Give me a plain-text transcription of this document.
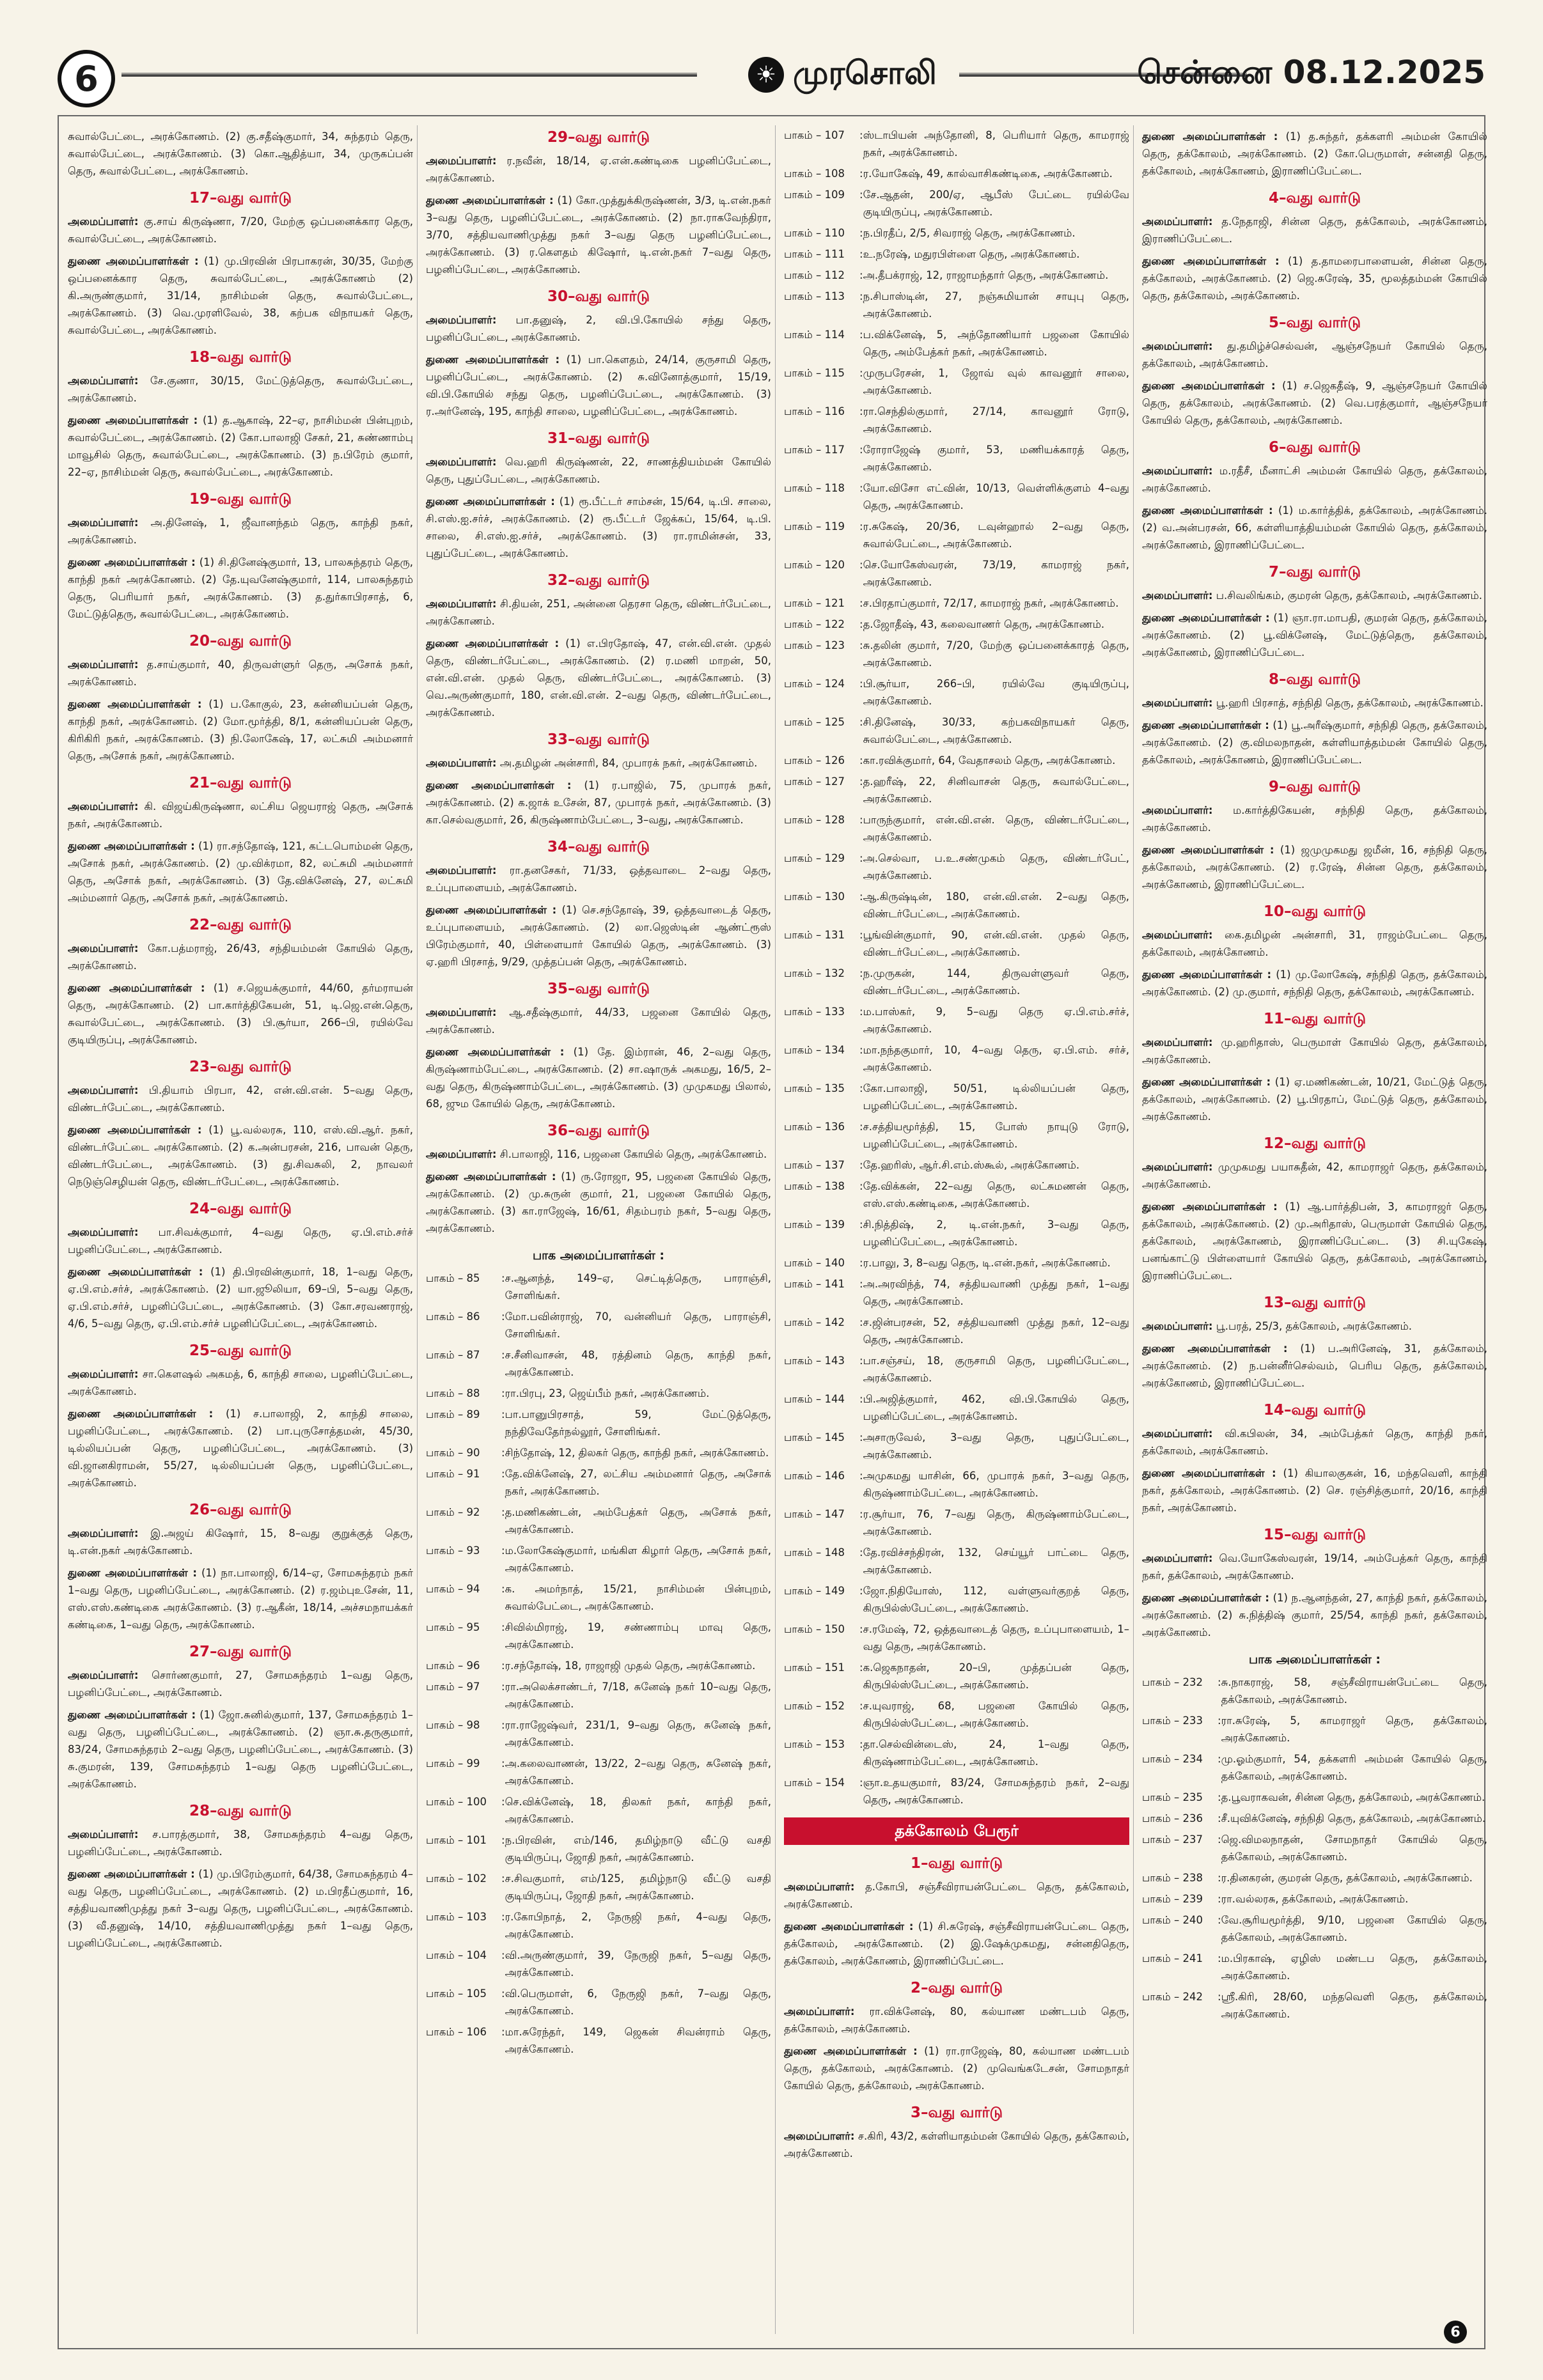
6	☀ முரசொலி	சென்னை 08.12.2025
சுவால்பேட்டை, அரக்கோணம். (2) கு.சதீஷ்குமார், 34, சுந்தரம் தெரு, சுவால்பேட்டை, அரக்கோணம். (3) கொ.ஆதித்யா, 34, முருகப்பன் தெரு, சுவால்பேட்டை, அரக்கோணம்.
17–வது வார்டு
அமைப்பாளர்: கு.சாய் கிருஷ்ணா, 7/20, மேற்கு ஒப்பனைக்கார தெரு, சுவால்பேட்டை, அரக்கோணம்.
துணை அமைப்பாளர்கள் : (1) மு.பிரவின் பிரபாகரன், 30/35, மேற்கு ஒப்பனைக்கார தெரு, சுவால்பேட்டை, அரக்கோணம் (2) கி.அருண்குமார், 31/14, நாசிம்மன் தெரு, சுவால்பேட்டை, அரக்கோணம். (3) வெ.முரளிவேல், 38, கற்பக விநாயகர் தெரு, சுவால்பேட்டை, அரக்கோணம்.
18–வது வார்டு
அமைப்பாளர்: சே.குணா, 30/15, மேட்டுத்தெரு, சுவால்பேட்டை, அரக்கோணம்.
துணை அமைப்பாளர்கள் : (1) த.ஆகாஷ், 22–ஏ, நாசிம்மன் பின்புறம், சுவால்பேட்டை, அரக்கோணம். (2) கோ.பாலாஜி சேகர், 21, சுண்ணாம்பு மாவூசில் தெரு, சுவால்பேட்டை, அரக்கோணம். (3) ந.பிரேம் குமார், 22–ஏ, நாசிம்மன் தெரு, சுவால்பேட்டை, அரக்கோணம்.
19–வது வார்டு
அமைப்பாளர்: அ.தினேஷ், 1, ஜீவானந்தம் தெரு, காந்தி நகர், அரக்கோணம்.
துணை அமைப்பாளர்கள் : (1) சி.தினேஷ்குமார், 13, பாலசுந்தரம் தெரு, காந்தி நகர் அரக்கோணம். (2) தே.யுவனேஷ்குமார், 114, பாலசுந்தரம் தெரு, பெரியார் நகர், அரக்கோணம். (3) த.துர்காபிரசாத், 6, மேட்டுத்தெரு, சுவால்பேட்டை, அரக்கோணம்.
20–வது வார்டு
அமைப்பாளர்: த.சாய்குமார், 40, திருவள்ளுர் தெரு, அசோக் நகர், அரக்கோணம்.
துணை அமைப்பாளர்கள் : (1) ப.கோகுல், 23, கன்னியப்பன் தெரு, காந்தி நகர், அரக்கோணம். (2) மோ.மூர்த்தி, 8/1, கன்னியப்பன் தெரு, கிரிகிரி நகர், அரக்கோணம். (3) நி.லோகேஷ், 17, லட்சுமி அம்மனார் தெரு, அசோக் நகர், அரக்கோணம்.
21–வது வார்டு
அமைப்பாளர்: கி. விஜய்கிருஷ்ணா, லட்சிய ஜெயராஜ் தெரு, அசோக் நகர், அரக்கோணம்.
துணை அமைப்பாளர்கள் : (1) ரா.சந்தோஷ், 121, கட்டபொம்மன் தெரு, அசோக் நகர், அரக்கோணம். (2) மு.விக்ரமா, 82, லட்சுமி அம்மனார் தெரு, அசோக் நகர், அரக்கோணம். (3) தே.விக்னேஷ், 27, லட்சுமி அம்மனார் தெரு, அசோக் நகர், அரக்கோணம்.
22–வது வார்டு
அமைப்பாளர்: கோ.பத்மராஜ், 26/43, சந்தியம்மன் கோயில் தெரு, அரக்கோணம்.
துணை அமைப்பாளர்கள் : (1) ச.ஜெயக்குமார், 44/60, தர்மராயன் தெரு, அரக்கோணம். (2) பா.கார்த்திகேயன், 51, டி.ஜெ.என்.தெரு, சுவால்பேட்டை, அரக்கோணம். (3) பி.சூர்யா, 266–பி, ரயில்வே குடியிருப்பு, அரக்கோணம்.
23–வது வார்டு
அமைப்பாளர்: பி.தியாம் பிரபா, 42, என்.வி.என். 5–வது தெரு, விண்டர்பேட்டை, அரக்கோணம்.
துணை அமைப்பாளர்கள் : (1) பூ.வல்லரசு, 110, எஸ்.வி.ஆர். நகர், விண்டர்பேட்டை அரக்கோணம். (2) க.அன்பரசன், 216, பாவன் தெரு, விண்டர்பேட்டை, அரக்கோணம். (3) து.சிவசுலி, 2, நாவலர் நெடுஞ்செழியன் தெரு, விண்டர்பேட்டை, அரக்கோணம்.
24–வது வார்டு
அமைப்பாளர்: பா.சிவக்குமார், 4–வது தெரு, ஏ.பி.எம்.சர்ச் பழனிப்பேட்டை, அரக்கோணம்.
துணை அமைப்பாளர்கள் : (1) தி.பிரவின்குமார், 18, 1–வது தெரு, ஏ.பி.எம்.சர்ச், அரக்கோணம். (2) யா.ஜூலியா, 69–பி, 5–வது தெரு, ஏ.பி.எம்.சர்ச், பழனிப்பேட்டை, அரக்கோணம். (3) கோ.சரவணராஜ், 4/6, 5–வது தெரு, ஏ.பி.எம்.சர்ச் பழனிப்பேட்டை, அரக்கோணம்.
25–வது வார்டு
அமைப்பாளர்: சா.கௌஷல் அகமத், 6, காந்தி சாலை, பழனிப்பேட்டை, அரக்கோணம்.
துணை அமைப்பாளர்கள் : (1) ச.பாலாஜி, 2, காந்தி சாலை, பழனிப்பேட்டை, அரக்கோணம். (2) பா.புருசோத்தமன், 45/30, டில்லியப்பன் தெரு, பழனிப்பேட்டை, அரக்கோணம். (3) வி.ஜானகிராமன், 55/27, டில்லியப்பன் தெரு, பழனிப்பேட்டை, அரக்கோணம்.
26–வது வார்டு
அமைப்பாளர்: இ.அஜய் கிஷோர், 15, 8–வது குறுக்குத் தெரு, டி.என்.நகர் அரக்கோணம்.
துணை அமைப்பாளர்கள் : (1) நா.பாலாஜி, 6/14–ஏ, சோமசுந்தரம் நகர் 1–வது தெரு, பழனிப்பேட்டை, அரக்கோணம். (2) ர.ஜம்புஉசேன், 11, எஸ்.எஸ்.கண்டிகை அரக்கோணம். (3) ர.ஆகீன், 18/14, அச்சமநாயக்கர் கண்டிகை, 1–வது தெரு, அரக்கோணம்.
27–வது வார்டு
அமைப்பாளர்: சொர்ணகுமார், 27, சோமசுந்தரம் 1–வது தெரு, பழனிப்பேட்டை, அரக்கோணம்.
துணை அமைப்பாளர்கள் : (1) ஜோ.சுனில்குமார், 137, சோமசுந்தரம் 1–வது தெரு, பழனிப்பேட்டை, அரக்கோணம். (2) ஞா.சு.தருகுமார், 83/24, சோமசுந்தரம் 2–வது தெரு, பழனிப்பேட்டை, அரக்கோணம். (3) சு.குமரன், 139, சோமசுந்தரம் 1–வது தெரு பழனிப்பேட்டை, அரக்கோணம்.
28–வது வார்டு
அமைப்பாளர்: ச.பாரத்குமார், 38, சோமசுந்தரம் 4–வது தெரு, பழனிப்பேட்டை, அரக்கோணம்.
துணை அமைப்பாளர்கள் : (1) மு.பிரேம்குமார், 64/38, சோமசுந்தரம் 4–வது தெரு, பழனிப்பேட்டை, அரக்கோணம். (2) ம.பிரதீப்குமார், 16, சத்தியவாணிமுத்து நகர் 3–வது தெரு, பழனிப்பேட்டை, அரக்கோணம். (3) வீ.தனுஷ், 14/10, சத்தியவாணிமுத்து நகர் 1–வது தெரு, பழனிப்பேட்டை, அரக்கோணம்.
29–வது வார்டு
அமைப்பாளர்: ர.நவீன், 18/14, ஏ.என்.கண்டிகை பழனிப்பேட்டை, அரக்கோணம்.
துணை அமைப்பாளர்கள் : (1) கோ.முத்துக்கிருஷ்ணன், 3/3, டி.என்.நகர் 3–வது தெரு, பழனிப்பேட்டை, அரக்கோணம். (2) நா.ராகவேந்திரா, 3/70, சத்தியவாணிமுத்து நகர் 3–வது தெரு பழனிப்பேட்டை, அரக்கோணம். (3) ர.கௌதம் கிஷோர், டி.என்.நகர் 7–வது தெரு, பழனிப்பேட்டை, அரக்கோணம்.
30–வது வார்டு
அமைப்பாளர்: பா.தனுஷ், 2, வி.பி.கோயில் சந்து தெரு, பழனிப்பேட்டை, அரக்கோணம்.
துணை அமைப்பாளர்கள் : (1) பா.கௌதம், 24/14, குருசாமி தெரு, பழனிப்பேட்டை, அரக்கோணம். (2) சு.வினோத்குமார், 15/19, வி.பி.கோயில் சந்து தெரு, பழனிப்பேட்டை, அரக்கோணம். (3) ர.அர்னேஷ், 195, காந்தி சாலை, பழனிப்பேட்டை, அரக்கோணம்.
31–வது வார்டு
அமைப்பாளர்: வெ.ஹரி கிருஷ்ணன், 22, சாணத்தியம்மன் கோயில் தெரு, புதுப்பேட்டை, அரக்கோணம்.
துணை அமைப்பாளர்கள் : (1) ரூ.பீட்டர் சாம்சன், 15/64, டி.பி. சாலை, சி.எஸ்.ஐ.சர்ச், அரக்கோணம். (2) ரூ.பீட்டர் ஜேக்கப், 15/64, டி.பி. சாலை, சி.எஸ்.ஐ.சர்ச், அரக்கோணம். (3) ரா.ராமின்சன், 33, புதுப்பேட்டை, அரக்கோணம்.
32–வது வார்டு
அமைப்பாளர்: சி.தியன், 251, அன்னை தெரசா தெரு, விண்டர்பேட்டை, அரக்கோணம்.
துணை அமைப்பாளர்கள் : (1) எ.பிரதோஷ், 47, என்.வி.என். முதல் தெரு, விண்டர்பேட்டை, அரக்கோணம். (2) ர.மணி மாறன், 50, என்.வி.என். முதல் தெரு, விண்டர்பேட்டை, அரக்கோணம். (3) வெ.அருண்குமார், 180, என்.வி.என். 2–வது தெரு, விண்டர்பேட்டை, அரக்கோணம்.
33–வது வார்டு
அமைப்பாளர்: அ.தமிழன் அன்சாரி, 84, முபாரக் நகர், அரக்கோணம்.
துணை அமைப்பாளர்கள் : (1) ர.பாஜில், 75, முபாரக் நகர், அரக்கோணம். (2) க.ஜாக் உசேன், 87, முபாரக் நகர், அரக்கோணம். (3) கா.செல்வகுமார், 26, கிருஷ்ணாம்பேட்டை, 3–வது, அரக்கோணம்.
34–வது வார்டு
அமைப்பாளர்: ரா.தனசேகர், 71/33, ஒத்தவாடை 2–வது தெரு, உப்புபாளையம், அரக்கோணம்.
துணை அமைப்பாளர்கள் : (1) செ.சந்தோஷ், 39, ஒத்தவாடைத் தெரு, உப்புபாளையம், அரக்கோணம். (2) லா.ஜெஸ்டின் ஆண்ட்ரூஸ் பிரேம்குமார், 40, பிள்ளையார் கோயில் தெரு, அரக்கோணம். (3) ஏ.ஹரி பிரசாத், 9/29, முத்தப்பன் தெரு, அரக்கோணம்.
35–வது வார்டு
அமைப்பாளர்: ஆ.சதீஷ்குமார், 44/33, பஜனை கோயில் தெரு, அரக்கோணம்.
துணை அமைப்பாளர்கள் : (1) தே. இம்ரான், 46, 2–வது தெரு, கிருஷ்ணாம்பேட்டை, அரக்கோணம். (2) சா.ஷாருக் அகமது, 16/5, 2–வது தெரு, கிருஷ்ணாம்பேட்டை, அரக்கோணம். (3) முமுகமது பிலால், 68, ஜும கோயில் தெரு, அரக்கோணம்.
36–வது வார்டு
அமைப்பாளர்: சி.பாலாஜி, 116, பஜனை கோயில் தெரு, அரக்கோணம்.
துணை அமைப்பாளர்கள் : (1) ரு.ரோஜா, 95, பஜனை கோயில் தெரு, அரக்கோணம். (2) மு.சுருன் குமார், 21, பஜனை கோயில் தெரு, அரக்கோணம். (3) கா.ராஜேஷ், 16/61, சிதம்பரம் நகர், 5–வது தெரு, அரக்கோணம்.
பாக அமைப்பாளர்கள் :
பாகம் – 85	: ச.ஆனந்த், 149–ஏ, செட்டித்தெரு, பாராஞ்சி, சோளிங்கர்.
பாகம் – 86	: மோ.பவின்ராஜ், 70, வன்னியர் தெரு, பாராஞ்சி, சோளிங்கர்.
பாகம் – 87	: ச.சீனிவாசன், 48, ரத்தினம் தெரு, காந்தி நகர், அரக்கோணம்.
பாகம் – 88	: ரா.பிரபு, 23, ஜெய்பீம் நகர், அரக்கோணம்.
பாகம் – 89	: பா.பானுபிரசாத், 59, மேட்டுத்தெரு, நந்திவேதேர்நல்லூர், சோளிங்கர்.
பாகம் – 90	: சிந்தோஷ், 12, திலகர் தெரு, காந்தி நகர், அரக்கோணம்.
பாகம் – 91	: தே.விக்னேஷ், 27, லட்சிய அம்மனார் தெரு, அசோக் நகர், அரக்கோணம்.
பாகம் – 92	: த.மணிகண்டன், அம்பேத்கர் தெரு, அசோக் நகர், அரக்கோணம்.
பாகம் – 93	: ம.லோகேஷ்குமார், மங்கிள கிழார் தெரு, அசோக் நகர், அரக்கோணம்.
பாகம் – 94	: க. அமர்நாத், 15/21, நாசிம்மன் பின்புறம், சுவால்பேட்டை, அரக்கோணம்.
பாகம் – 95	: சிவில்மிராஜ், 19, சண்ணாம்பு மாவு தெரு, அரக்கோணம்.
பாகம் – 96	: ர.சந்தோஷ், 18, ராஜாஜி முதல் தெரு, அரக்கோணம்.
பாகம் – 97	: ரா.அலெக்சாண்டர், 7/18, சுனேஷ் நகர் 10–வது தெரு, அரக்கோணம்.
பாகம் – 98	: ரா.ராஜேஷ்வர், 231/1, 9–வது தெரு, சுனேஷ் நகர், அரக்கோணம்.
பாகம் – 99	: அ.கலைவாணன், 13/22, 2–வது தெரு, சுனேஷ் நகர், அரக்கோணம்.
பாகம் – 100	: செ.விக்னேஷ், 18, திலகர் நகர், காந்தி நகர், அரக்கோணம்.
பாகம் – 101	: ந.பிரவின், எம்/146, தமிழ்நாடு வீட்டு வசதி குடியிருப்பு, ஜோதி நகர், அரக்கோணம்.
பாகம் – 102	: ச.சிவகுமார், எம்/125, தமிழ்நாடு வீட்டு வசதி குடியிருப்பு, ஜோதி நகர், அரக்கோணம்.
பாகம் – 103	: ர.கோபிநாத், 2, நேருஜி நகர், 4–வது தெரு, அரக்கோணம்.
பாகம் – 104	: வி.அருண்குமார், 39, நேருஜி நகர், 5–வது தெரு, அரக்கோணம்.
பாகம் – 105	: வி.பெருமாள், 6, நேருஜி நகர், 7–வது தெரு, அரக்கோணம்.
பாகம் – 106	: மா.சுரேந்தர், 149, ஜெகன் சிவன்ராம் தெரு, அரக்கோணம்.
பாகம் – 107	: ஸ்டாபியன் அந்தோனி, 8, பெரியார் தெரு, காமராஜ் நகர், அரக்கோணம்.
பாகம் – 108	: ர.யோகேஷ், 49, கால்வாசிகண்டிகை, அரக்கோணம்.
பாகம் – 109	: சே.ஆதன், 200/ஏ, ஆபீஸ் பேட்டை ரயில்வே குடியிருப்பு, அரக்கோணம்.
பாகம் – 110	: ந.பிரதீப், 2/5, சிவராஜ் தெரு, அரக்கோணம்.
பாகம் – 111	: உ.நரேஷ், மதுரபிள்ளை தெரு, அரக்கோணம்.
பாகம் – 112	: அ.தீபக்ராஜ், 12, ராஜாமந்தார் தெரு, அரக்கோணம்.
பாகம் – 113	: ந.சிபாஸ்டின், 27, நஞ்சுமியான் சாயுபு தெரு, அரக்கோணம்.
பாகம் – 114	: ப.விக்னேஷ், 5, அந்தோணியார் பஜனை கோயில் தெரு, அம்பேத்கர் நகர், அரக்கோணம்.
பாகம் – 115	: முருபரேசன், 1, ஜோவ் வுல் காவனூர் சாலை, அரக்கோணம்.
பாகம் – 116	: ரா.செந்தில்குமார், 27/14, காவனூர் ரோடு, அரக்கோணம்.
பாகம் – 117	: ரோராஜேஷ் குமார், 53, மணியக்காரத் தெரு, அரக்கோணம்.
பாகம் – 118	: யோ.விசோ எட்வின், 10/13, வெள்ளிக்குளம் 4–வது தெரு, அரக்கோணம்.
பாகம் – 119	: ர.சுகேஷ், 20/36, டவுன்ஹால் 2–வது தெரு, சுவால்பேட்டை, அரக்கோணம்.
பாகம் – 120	: செ.யோகேஸ்வரன், 73/19, காமராஜ் நகர், அரக்கோணம்.
பாகம் – 121	: ச.பிரதாப்குமார், 72/17, காமராஜ் நகர், அரக்கோணம்.
பாகம் – 122	: த.ஜோதீஷ், 43, கலைவாணர் தெரு, அரக்கோணம்.
பாகம் – 123	: சு.தலின் குமார், 7/20, மேற்கு ஒப்பனைக்காரத் தெரு, அரக்கோணம்.
பாகம் – 124	: பி.சூர்யா, 266–பி, ரயில்வே குடியிருப்பு, அரக்கோணம்.
பாகம் – 125	: சி.தினேஷ், 30/33, கற்பகவிநாயகர் தெரு, சுவால்பேட்டை, அரக்கோணம்.
பாகம் – 126	: கா.ரவிக்குமார், 64, வேதாசலம் தெரு, அரக்கோணம்.
பாகம் – 127	: த.ஹரீஷ், 22, சினிவாசன் தெரு, சுவால்பேட்டை, அரக்கோணம்.
பாகம் – 128	: பாருந்குமார், என்.வி.என். தெரு, விண்டர்பேட்டை, அரக்கோணம்.
பாகம் – 129	: அ.செல்வா, ப.உ.சண்முகம் தெரு, விண்டர்பேட், அரக்கோணம்.
பாகம் – 130	: ஆ.கிருஷ்டின், 180, என்.வி.என். 2–வது தெரு, விண்டர்பேட்டை, அரக்கோணம்.
பாகம் – 131	: பூங்வின்குமார், 90, என்.வி.என். முதல் தெரு, விண்டர்பேட்டை, அரக்கோணம்.
பாகம் – 132	: ந.முருகன், 144, திருவள்ளுவர் தெரு, விண்டர்பேட்டை, அரக்கோணம்.
பாகம் – 133	: ம.பாஸ்கர், 9, 5–வது தெரு ஏ.பி.எம்.சர்ச், அரக்கோணம்.
பாகம் – 134	: மா.நந்தகுமார், 10, 4–வது தெரு, ஏ.பி.எம். சர்ச், அரக்கோணம்.
பாகம் – 135	: கோ.பாலாஜி, 50/51, டில்லியப்பன் தெரு, பழனிப்பேட்டை, அரக்கோணம்.
பாகம் – 136	: ச.சத்தியமூர்த்தி, 15, போஸ் நாயுடு ரோடு, பழனிப்பேட்டை, அரக்கோணம்.
பாகம் – 137	: தே.ஹரிஸ், ஆர்.சி.எம்.ஸ்கூல், அரக்கோணம்.
பாகம் – 138	: தே.விக்கன், 22–வது தெரு, லட்சுமணன் தெரு, எஸ்.எஸ்.கண்டிகை, அரக்கோணம்.
பாகம் – 139	: சி.நித்திஷ், 2, டி.என்.நகர், 3–வது தெரு, பழனிப்பேட்டை, அரக்கோணம்.
பாகம் – 140	: ர.பாலு, 3, 8–வது தெரு, டி.என்.நகர், அரக்கோணம்.
பாகம் – 141	: அ.அரவிந்த், 74, சத்தியவாணி முத்து நகர், 1–வது தெரு, அரக்கோணம்.
பாகம் – 142	: ச.ஜின்பரசன், 52, சத்தியவாணி முத்து நகர், 12–வது தெரு, அரக்கோணம்.
பாகம் – 143	: பா.சஞ்சய், 18, குருசாமி தெரு, பழனிப்பேட்டை, அரக்கோணம்.
பாகம் – 144	: பி.அஜித்குமார், 462, வி.பி.கோயில் தெரு, பழனிப்பேட்டை, அரக்கோணம்.
பாகம் – 145	: அசாருவேல், 3–வது தெரு, புதுப்பேட்டை, அரக்கோணம்.
பாகம் – 146	: அமுகமது யாசின், 66, முபாரக் நகர், 3–வது தெரு, கிருஷ்ணாம்பேட்டை, அரக்கோணம்.
பாகம் – 147	: ர.சூர்யா, 76, 7–வது தெரு, கிருஷ்ணாம்பேட்டை, அரக்கோணம்.
பாகம் – 148	: தே.ரவிச்சந்திரன், 132, செய்யூர் பாட்டை தெரு, அரக்கோணம்.
பாகம் – 149	: ஜோ.நிதியோஸ், 112, வள்ளுவர்குறத் தெரு, கிருபில்ஸ்பேட்டை, அரக்கோணம்.
பாகம் – 150	: ச.ரமேஷ், 72, ஒத்தவாடைத் தெரு, உப்புபாளையம், 1–வது தெரு, அரக்கோணம்.
பாகம் – 151	: க.ஜெகநாதன், 20–பி, முத்தப்பன் தெரு, கிருபில்ஸ்பேட்டை, அரக்கோணம்.
பாகம் – 152	: ச.யுவராஜ், 68, பஜனை கோயில் தெரு, கிருபில்ஸ்பேட்டை, அரக்கோணம்.
பாகம் – 153	: தா.செல்வின்டைஸ், 24, 1–வது தெரு, கிருஷ்ணாம்பேட்டை, அரக்கோணம்.
பாகம் – 154	: ஞா.உதயகுமார், 83/24, சோமசுந்தரம் நகர், 2–வது தெரு, அரக்கோணம்.
தக்கோலம் பேரூர்
1–வது வார்டு
அமைப்பாளர்: த.கோபி, சஞ்சீவிராயன்பேட்டை தெரு, தக்கோலம், அரக்கோணம்.
துணை அமைப்பாளர்கள் : (1) சி.சுரேஷ், சஞ்சீவிராயன்பேட்டை தெரு, தக்கோலம், அரக்கோணம். (2) இ.ஷேக்முகமது, சன்னதிதெரு, தக்கோலம், அரக்கோணம், இராணிப்பேட்டை.
2–வது வார்டு
அமைப்பாளர்: ரா.விக்னேஷ், 80, கல்யாண மண்டபம் தெரு, தக்கோலம், அரக்கோணம்.
துணை அமைப்பாளர்கள் : (1) ரா.ராஜேஷ், 80, கல்யாண மண்டபம் தெரு, தக்கோலம், அரக்கோணம். (2) முவெங்கடேசன், சோமநாதர் கோயில் தெரு, தக்கோலம், அரக்கோணம்.
3–வது வார்டு
அமைப்பாளர்: ச.கிரி, 43/2, கள்ளியாதம்மன் கோயில் தெரு, தக்கோலம், அரக்கோணம்.
துணை அமைப்பாளர்கள் : (1) த.சுந்தர், தக்களரி அம்மன் கோயில் தெரு, தக்கோலம், அரக்கோணம். (2) கோ.பெருமாள், சன்னதி தெரு, தக்கோலம், அரக்கோணம், இராணிப்பேட்டை.
4–வது வார்டு
அமைப்பாளர்: த.நேதாஜி, சின்ன தெரு, தக்கோலம், அரக்கோணம், இராணிப்பேட்டை.
துணை அமைப்பாளர்கள் : (1) த.தாமரைபாளையன், சின்ன தெரு, தக்கோலம், அரக்கோணம். (2) ஜெ.சுரேஷ், 35, மூலத்தம்மன் கோயில் தெரு, தக்கோலம், அரக்கோணம்.
5–வது வார்டு
அமைப்பாளர்: து.தமிழ்ச்செல்வன், ஆஞ்சநேயர் கோயில் தெரு, தக்கோலம், அரக்கோணம்.
துணை அமைப்பாளர்கள் : (1) ச.ஜெகதீஷ், 9, ஆஞ்சநேயர் கோயில் தெரு, தக்கோலம், அரக்கோணம். (2) வெ.பரத்குமார், ஆஞ்சநேயர் கோயில் தெரு, தக்கோலம், அரக்கோணம்.
6–வது வார்டு
அமைப்பாளர்: ம.ரதீசீ, மீனாட்சி அம்மன் கோயில் தெரு, தக்கோலம், அரக்கோணம்.
துணை அமைப்பாளர்கள் : (1) ம.கார்த்திக், தக்கோலம், அரக்கோணம். (2) வ.அன்பரசன், 66, கள்ளியாத்தியம்மன் கோயில் தெரு, தக்கோலம், அரக்கோணம், இராணிப்பேட்டை.
7–வது வார்டு
அமைப்பாளர்: ப.சிவலிங்கம், குமரன் தெரு, தக்கோலம், அரக்கோணம்.
துணை அமைப்பாளர்கள் : (1) ஞா.ரா.மாபதி, குமரன் தெரு, தக்கோலம், அரக்கோணம். (2) பூ.விக்னேஷ், மேட்டுத்தெரு, தக்கோலம், அரக்கோணம், இராணிப்பேட்டை.
8–வது வார்டு
அமைப்பாளர்: பூ.ஹரி பிரசாத், சந்நிதி தெரு, தக்கோலம், அரக்கோணம்.
துணை அமைப்பாளர்கள் : (1) பூ.அரீஷ்குமார், சந்நிதி தெரு, தக்கோலம், அரக்கோணம். (2) கு.விமலநாதன், கள்ளியாத்தம்மன் கோயில் தெரு, தக்கோலம், அரக்கோணம், இராணிப்பேட்டை.
9–வது வார்டு
அமைப்பாளர்: ம.கார்த்திகேயன், சந்நிதி தெரு, தக்கோலம், அரக்கோணம்.
துணை அமைப்பாளர்கள் : (1) ஜமுமுகமது ஜமீன், 16, சந்நிதி தெரு, தக்கோலம், அரக்கோணம். (2) ர.ரேஷ், சின்ன தெரு, தக்கோலம், அரக்கோணம், இராணிப்பேட்டை.
10–வது வார்டு
அமைப்பாளர்: கை.தமிழன் அன்சாரி, 31, ராஜம்பேட்டை தெரு, தக்கோலம், அரக்கோணம்.
துணை அமைப்பாளர்கள் : (1) மு.லோகேஷ், சந்நிதி தெரு, தக்கோலம், அரக்கோணம். (2) மு.குமார், சந்நிதி தெரு, தக்கோலம், அரக்கோணம்.
11–வது வார்டு
அமைப்பாளர்: மு.ஹரிதாஸ், பெருமாள் கோயில் தெரு, தக்கோலம், அரக்கோணம்.
துணை அமைப்பாளர்கள் : (1) ஏ.மணிகண்டன், 10/21, மேட்டுத் தெரு, தக்கோலம், அரக்கோணம். (2) பூ.பிரதாப், மேட்டுத் தெரு, தக்கோலம், அரக்கோணம்.
12–வது வார்டு
அமைப்பாளர்: முமுகமது பயாசுதீன், 42, காமராஜர் தெரு, தக்கோலம், அரக்கோணம்.
துணை அமைப்பாளர்கள் : (1) ஆ.பார்த்திபன், 3, காமராஜர் தெரு, தக்கோலம், அரக்கோணம். (2) மு.அரிதாஸ், பெருமாள் கோயில் தெரு, தக்கோலம், அரக்கோணம், இராணிப்பேட்டை. (3) சி.யுகேஷ், பனங்காட்டு பிள்ளையார் கோயில் தெரு, தக்கோலம், அரக்கோணம், இராணிப்பேட்டை.
13–வது வார்டு
அமைப்பாளர்: பூ.பரத், 25/3, தக்கோலம், அரக்கோணம்.
துணை அமைப்பாளர்கள் : (1) ப.அரினேஷ், 31, தக்கோலம், அரக்கோணம். (2) ந.பன்னீர்செல்வம், பெரிய தெரு, தக்கோலம், அரக்கோணம், இராணிப்பேட்டை.
14–வது வார்டு
அமைப்பாளர்: வி.கபிலன், 34, அம்பேத்கர் தெரு, காந்தி நகர், தக்கோலம், அரக்கோணம்.
துணை அமைப்பாளர்கள் : (1) கியாலகுகன், 16, மந்தவெளி, காந்தி நகர், தக்கோலம், அரக்கோணம். (2) செ. ரஞ்சித்குமார், 20/16, காந்தி நகர், அரக்கோணம்.
15–வது வார்டு
அமைப்பாளர்: வெ.யோகேஸ்வரன், 19/14, அம்பேத்கர் தெரு, காந்தி நகர், தக்கோலம், அரக்கோணம்.
துணை அமைப்பாளர்கள் : (1) ந.ஆனந்தன், 27, காந்தி நகர், தக்கோலம், அரக்கோணம். (2) சு.நித்திஷ் குமார், 25/54, காந்தி நகர், தக்கோலம், அரக்கோணம்.
பாக அமைப்பாளர்கள் :
பாகம் – 232	: சு.நாகராஜ், 58, சஞ்சீவிராயன்பேட்டை தெரு, தக்கோலம், அரக்கோணம்.
பாகம் – 233	: ரா.சுரேஷ், 5, காமராஜர் தெரு, தக்கோலம், அரக்கோணம்.
பாகம் – 234	: மு.ஓம்குமார், 54, தக்களரி அம்மன் கோயில் தெரு, தக்கோலம், அரக்கோணம்.
பாகம் – 235	: த.பூவராகவன், சின்ன தெரு, தக்கோலம், அரக்கோணம்.
பாகம் – 236	: சீ.யுவிக்னேஷ், சந்நிதி தெரு, தக்கோலம், அரக்கோணம்.
பாகம் – 237	: ஜெ.விமலநாதன், சோமநாதர் கோயில் தெரு, தக்கோலம், அரக்கோணம்.
பாகம் – 238	: ர.தினகரன், குமரன் தெரு, தக்கோலம், அரக்கோணம்.
பாகம் – 239	: ரா.வல்லரசு, தக்கோலம், அரக்கோணம்.
பாகம் – 240	: வே.சூரியமூர்த்தி, 9/10, பஜனை கோயில் தெரு, தக்கோலம், அரக்கோணம்.
பாகம் – 241	: ம.பிரகாஷ், ஏழிஸ் மண்டப தெரு, தக்கோலம், அரக்கோணம்.
பாகம் – 242	: ஸ்ரீ.கிரி, 28/60, மந்தவெளி தெரு, தக்கோலம், அரக்கோணம்.
6
